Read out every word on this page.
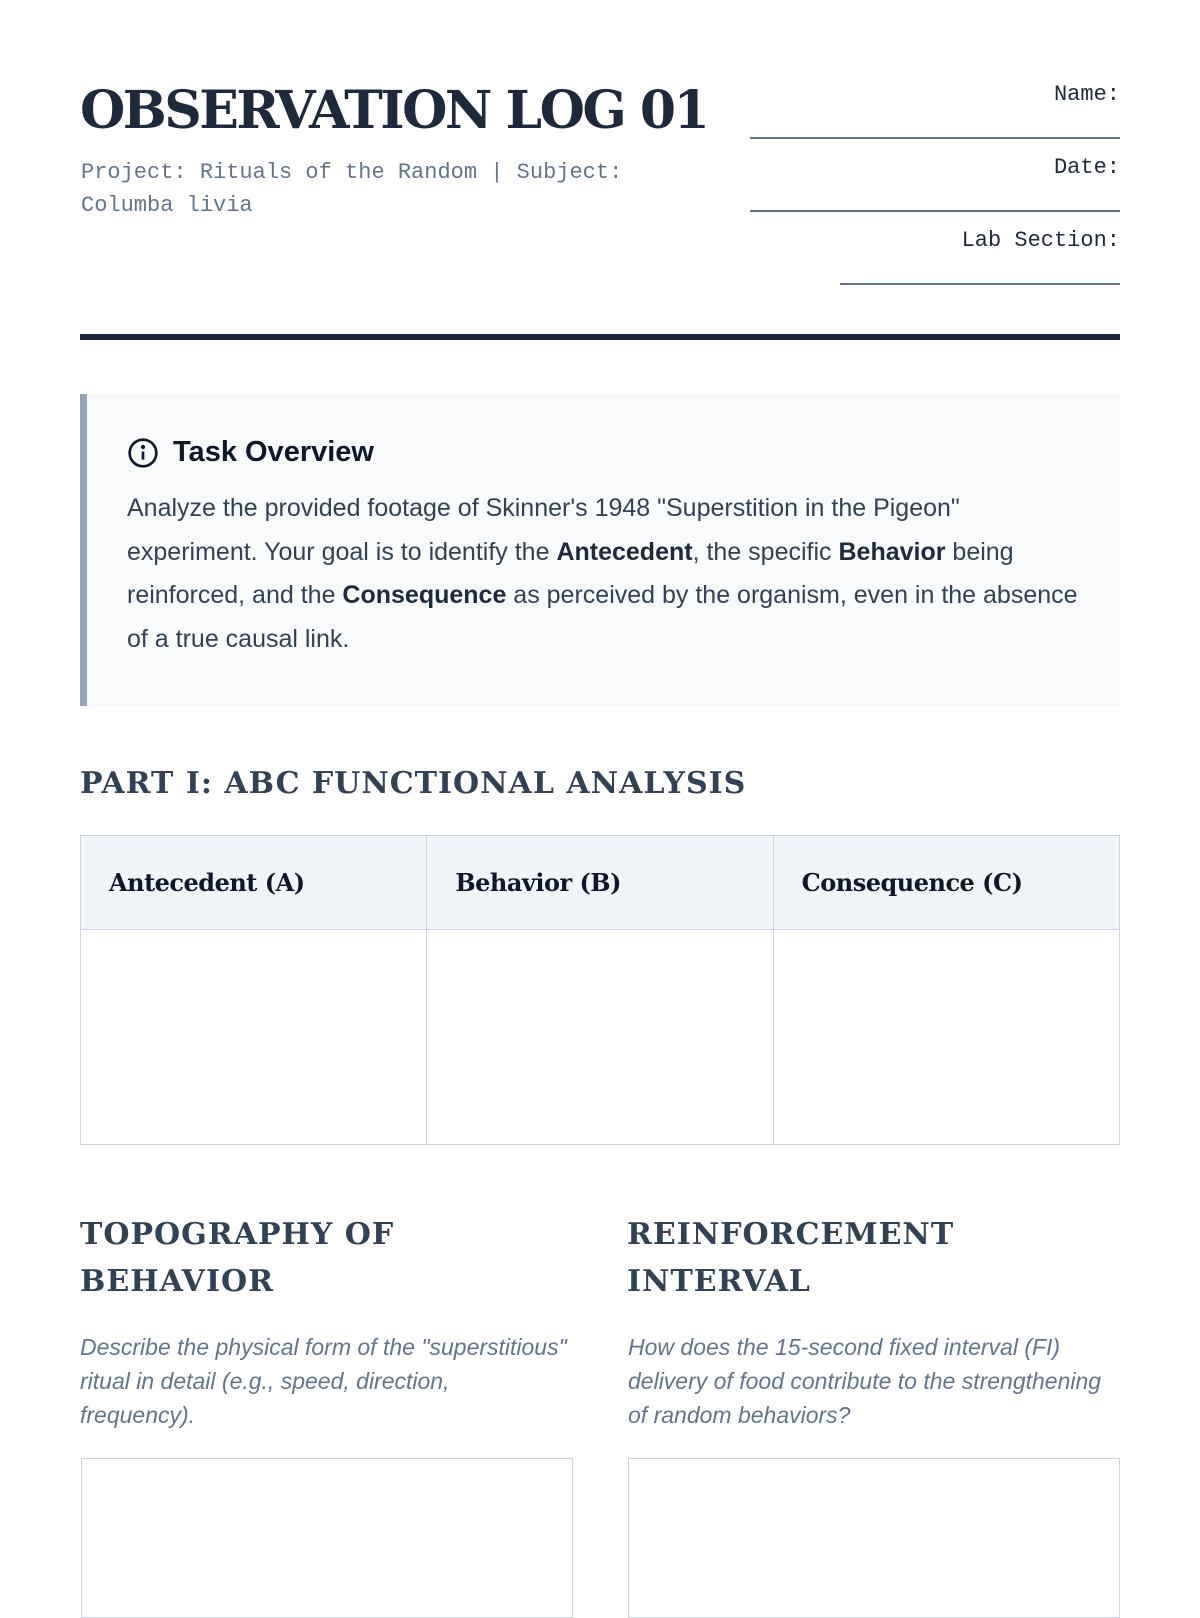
OBSERVATION LOG 01
Project: Rituals of the Random | Subject: Columba livia
Name:
Date:
Lab Section:
Task Overview

Analyze the provided footage of Skinner's 1948 "Superstition in the Pigeon" experiment. Your goal is to identify the Antecedent, the specific Behavior being reinforced, and the Consequence as perceived by the organism, even in the absence of a true causal link.

PART I: ABC FUNCTIONAL ANALYSIS
Antecedent (A)	Behavior (B)	Consequence (C)

TOPOGRAPHY OF BEHAVIOR
Describe the physical form of the "superstitious" ritual in detail (e.g., speed, direction, frequency).
REINFORCEMENT INTERVAL
How does the 15-second fixed interval (FI) delivery of food contribute to the strengthening of random behaviors?
